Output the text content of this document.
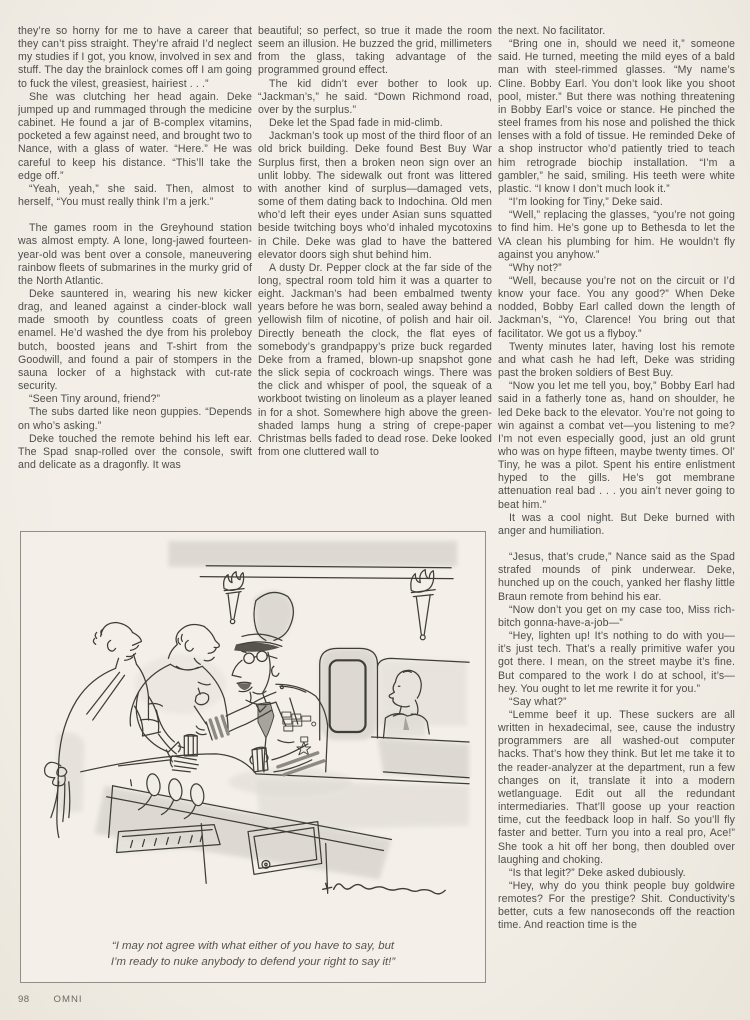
they’re so horny for me to have a career that they can’t piss straight. They’re afraid I’d neglect my studies if I got, you know, involved in sex and stuff. The day the brainlock comes off I am going to fuck the vilest, greasiest, hairiest . . .”

She was clutching her head again. Deke jumped up and rummaged through the medicine cabinet. He found a jar of B-complex vitamins, pocketed a few against need, and brought two to Nance, with a glass of water. “Here.” He was careful to keep his distance. “This’ll take the edge off.”

“Yeah, yeah,” she said. Then, almost to herself, “You must really think I’m a jerk.”

The games room in the Greyhound station was almost empty. A lone, long-jawed fourteen-year-old was bent over a console, maneuvering rainbow fleets of submarines in the murky grid of the North Atlantic.

Deke sauntered in, wearing his new kicker drag, and leaned against a cinder-block wall made smooth by countless coats of green enamel. He’d washed the dye from his proleboy butch, boosted jeans and T-shirt from the Goodwill, and found a pair of stompers in the sauna locker of a highstack with cut-rate security.

“Seen Tiny around, friend?”

The subs darted like neon guppies. “Depends on who’s asking.”

Deke touched the remote behind his left ear. The Spad snap-rolled over the console, swift and delicate as a dragonfly. It was

beautiful; so perfect, so true it made the room seem an illusion. He buzzed the grid, millimeters from the glass, taking advantage of the programmed ground effect.

The kid didn’t ever bother to look up. “Jackman’s,” he said. “Down Richmond road, over by the surplus.”

Deke let the Spad fade in mid-climb.

Jackman’s took up most of the third floor of an old brick building. Deke found Best Buy War Surplus first, then a broken neon sign over an unlit lobby. The sidewalk out front was littered with another kind of surplus—damaged vets, some of them dating back to Indochina. Old men who’d left their eyes under Asian suns squatted beside twitching boys who’d inhaled mycotoxins in Chile. Deke was glad to have the battered elevator doors sigh shut behind him.

A dusty Dr. Pepper clock at the far side of the long, spectral room told him it was a quarter to eight. Jackman’s had been embalmed twenty years before he was born, sealed away behind a yellowish film of nicotine, of polish and hair oil. Directly beneath the clock, the flat eyes of somebody’s grandpappy’s prize buck regarded Deke from a framed, blown-up snapshot gone the slick sepia of cockroach wings. There was the click and whisper of pool, the squeak of a workboot twisting on linoleum as a player leaned in for a shot. Somewhere high above the green-shaded lamps hung a string of crepe-paper Christmas bells faded to dead rose. Deke looked from one cluttered wall to

the next. No facilitator.

“Bring one in, should we need it,” someone said. He turned, meeting the mild eyes of a bald man with steel-rimmed glasses. “My name’s Cline. Bobby Earl. You don’t look like you shoot pool, mister.” But there was nothing threatening in Bobby Earl’s voice or stance. He pinched the steel frames from his nose and polished the thick lenses with a fold of tissue. He reminded Deke of a shop instructor who’d patiently tried to teach him retrograde biochip installation. “I’m a gambler,” he said, smiling. His teeth were white plastic. “I know I don’t much look it.”

“I’m looking for Tiny,” Deke said.

“Well,” replacing the glasses, “you’re not going to find him. He’s gone up to Bethesda to let the VA clean his plumbing for him. He wouldn’t fly against you anyhow.”

“Why not?”

“Well, because you’re not on the circuit or I’d know your face. You any good?” When Deke nodded, Bobby Earl called down the length of Jackman’s, “Yo, Clarence! You bring out that facilitator. We got us a flyboy.”

Twenty minutes later, having lost his remote and what cash he had left, Deke was striding past the broken soldiers of Best Buy.

“Now you let me tell you, boy,” Bobby Earl had said in a fatherly tone as, hand on shoulder, he led Deke back to the elevator. You’re not going to win against a combat vet—you listening to me? I’m not even especially good, just an old grunt who was on hype fifteen, maybe twenty times. Ol’ Tiny, he was a pilot. Spent his entire enlistment hyped to the gills. He’s got membrane attenuation real bad . . . you ain’t never going to beat him.”

It was a cool night. But Deke burned with anger and humiliation.

“Jesus, that’s crude,” Nance said as the Spad strafed mounds of pink underwear. Deke, hunched up on the couch, yanked her flashy little Braun remote from behind his ear.

“Now don’t you get on my case too, Miss rich-bitch gonna-have-a-job—”

“Hey, lighten up! It’s nothing to do with you—it’s just tech. That’s a really primitive wafer you got there. I mean, on the street maybe it’s fine. But compared to the work I do at school, it’s—hey. You ought to let me rewrite it for you.”

“Say what?”

“Lemme beef it up. These suckers are all written in hexadecimal, see, cause the industry programmers are all washed-out computer hacks. That’s how they think. But let me take it to the reader-analyzer at the department, run a few changes on it, translate it into a modern wetlanguage. Edit out all the redundant intermediaries. That’ll goose up your reaction time, cut the feedback loop in half. So you’ll fly faster and better. Turn you into a real pro, Ace!” She took a hit off her bong, then doubled over laughing and choking.

“Is that legit?” Deke asked dubiously.

“Hey, why do you think people buy goldwire remotes? For the prestige? Shit. Conductivity’s better, cuts a few nanoseconds off the reaction time. And reaction time is the

“I may not agree with what either of you have to say, but
I’m ready to nuke anybody to defend your right to say it!”
98	OMNI
